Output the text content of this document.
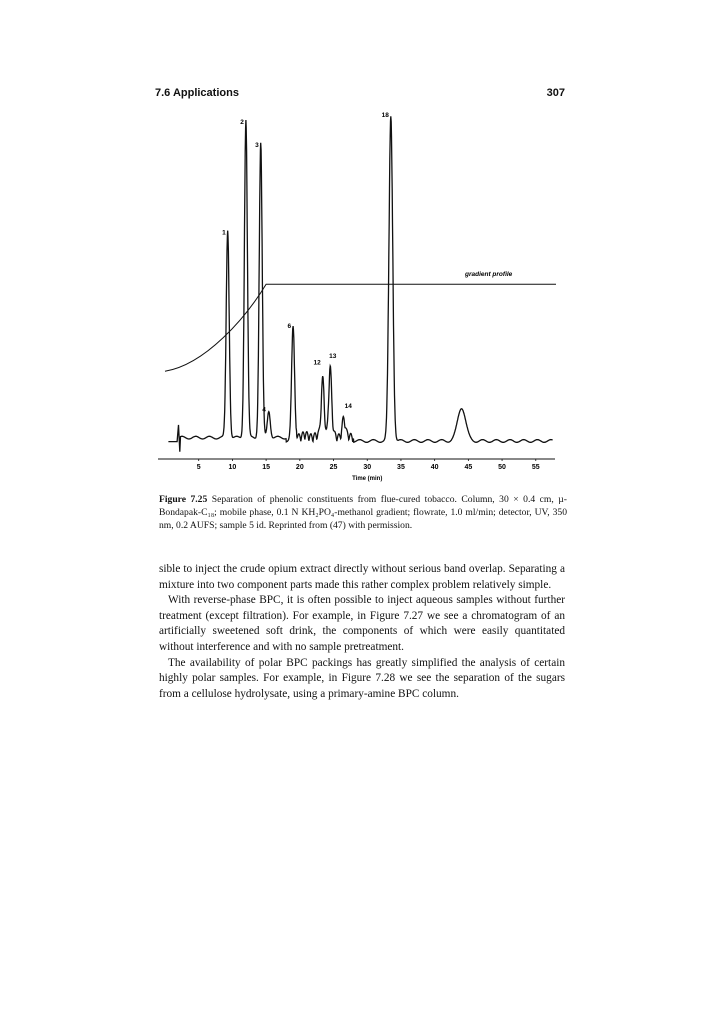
7.6 Applications	307
1
2
3
4
6
12
13
14
18
gradient profile
5	10	15	20	25	30	35	40	45	50	55
Time (min)
Figure 7.25 Separation of phenolic constituents from flue-cured tobacco. Column, 30 × 0.4 cm, µ-Bondapak-C₁₈; mobile phase, 0.1 N KH₂PO₄-methanol gradient; flowrate, 1.0 ml/min; detector, UV, 350 nm, 0.2 AUFS; sample 5 id. Reprinted from (47) with permission.

sible to inject the crude opium extract directly without serious band overlap. Separating a mixture into two component parts made this rather complex problem relatively simple.

With reverse-phase BPC, it is often possible to inject aqueous samples without further treatment (except filtration). For example, in Figure 7.27 we see a chromatogram of an artificially sweetened soft drink, the components of which were easily quantitated without interference and with no sample pretreatment.

The availability of polar BPC packings has greatly simplified the analysis of certain highly polar samples. For example, in Figure 7.28 we see the separation of the sugars from a cellulose hydrolysate, using a primary-amine BPC column.
